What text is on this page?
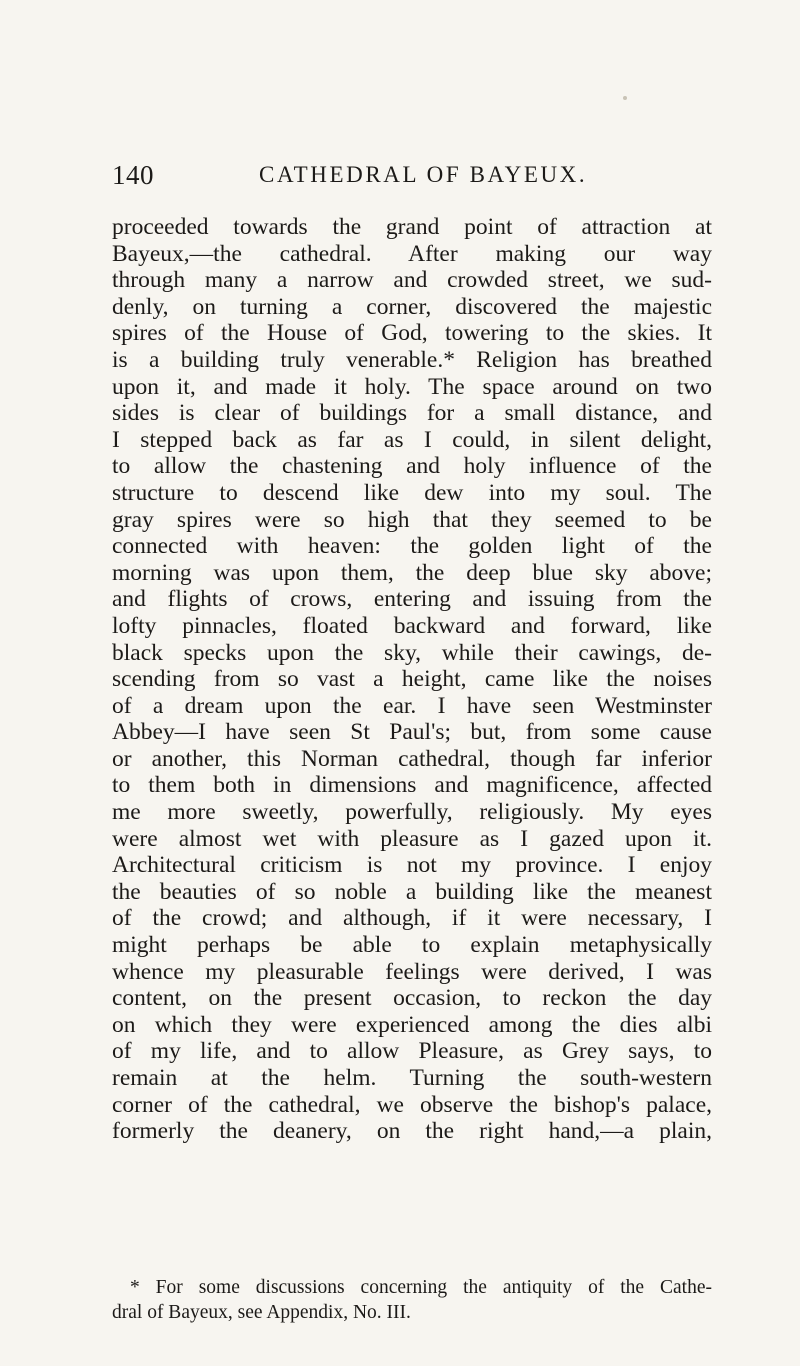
140	CATHEDRAL OF BAYEUX.
proceeded towards the grand point of attraction at
Bayeux,—the cathedral. After making our way
through many a narrow and crowded street, we sud-
denly, on turning a corner, discovered the majestic
spires of the House of God, towering to the skies. It
is a building truly venerable.* Religion has breathed
upon it, and made it holy. The space around on two
sides is clear of buildings for a small distance, and
I stepped back as far as I could, in silent delight,
to allow the chastening and holy influence of the
structure to descend like dew into my soul. The
gray spires were so high that they seemed to be
connected with heaven: the golden light of the
morning was upon them, the deep blue sky above;
and flights of crows, entering and issuing from the
lofty pinnacles, floated backward and forward, like
black specks upon the sky, while their cawings, de-
scending from so vast a height, came like the noises
of a dream upon the ear. I have seen Westminster
Abbey—I have seen St Paul's; but, from some cause
or another, this Norman cathedral, though far inferior
to them both in dimensions and magnificence, affected
me more sweetly, powerfully, religiously. My eyes
were almost wet with pleasure as I gazed upon it.
Architectural criticism is not my province. I enjoy
the beauties of so noble a building like the meanest
of the crowd; and although, if it were necessary, I
might perhaps be able to explain metaphysically
whence my pleasurable feelings were derived, I was
content, on the present occasion, to reckon the day
on which they were experienced among the dies albi
of my life, and to allow Pleasure, as Grey says, to
remain at the helm. Turning the south-western
corner of the cathedral, we observe the bishop's palace,
formerly the deanery, on the right hand,—a plain,
* For some discussions concerning the antiquity of the Cathe-
dral of Bayeux, see Appendix, No. III.
